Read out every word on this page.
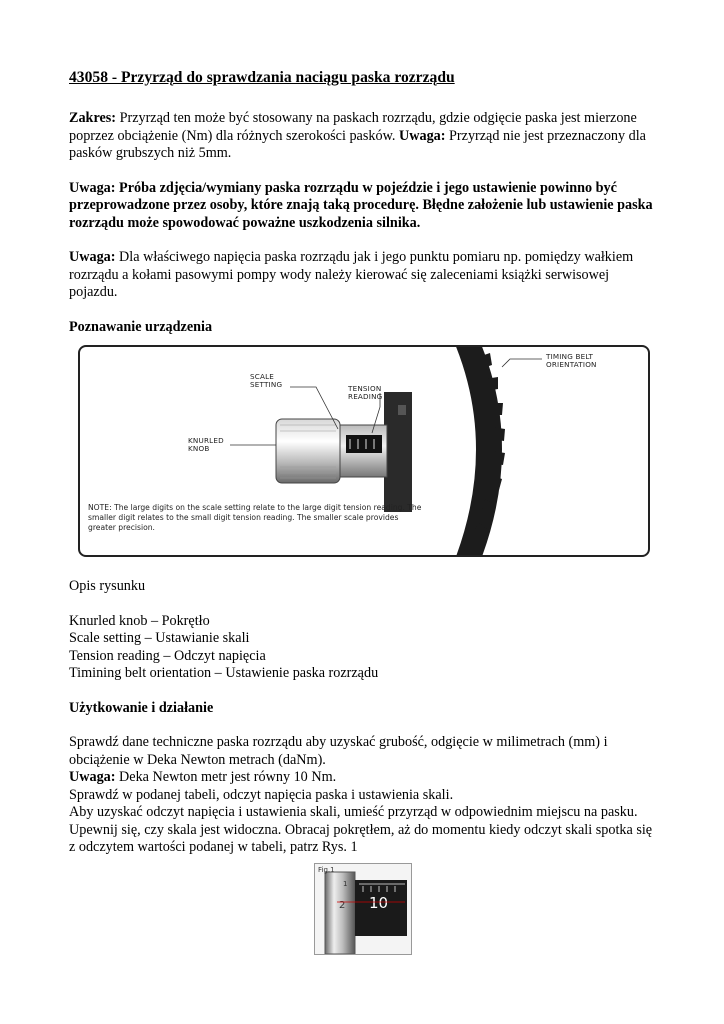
43058 - Przyrząd do sprawdzania naciągu paska rozrządu

Zakres: Przyrząd ten może być stosowany na paskach rozrządu, gdzie odgięcie paska jest mierzone poprzez obciążenie (Nm) dla różnych szerokości pasków. Uwaga: Przyrząd nie jest przeznaczony dla pasków grubszych niż 5mm.

Uwaga: Próba zdjęcia/wymiany paska rozrządu w pojeździe i jego ustawienie powinno być przeprowadzone przez osoby, które znają taką procedurę. Błędne założenie lub ustawienie paska rozrządu może spowodować poważne uszkodzenia silnika.

Uwaga: Dla właściwego napięcia paska rozrządu jak i jego punktu pomiaru np. pomiędzy wałkiem rozrządu a kołami pasowymi pompy wody należy kierować się zaleceniami książki serwisowej pojazdu.

Poznawanie urządzenia

SCALE
SETTING	TENSION
READING
KNURLED
KNOB
TIMING BELT
ORIENTATION
NOTE: The large digits on the scale setting relate to the large digit tension reading. The smaller digit relates to the small digit tension reading. The smaller scale provides greater precision.

Opis rysunku

Knurled knob – Pokrętło

Scale setting – Ustawianie skali

Tension reading – Odczyt napięcia

Timining belt orientation – Ustawienie paska rozrządu

Użytkowanie i działanie

Sprawdź dane techniczne paska rozrządu aby uzyskać grubość, odgięcie w milimetrach (mm) i obciążenie w Deka Newton metrach (daNm).

Uwaga: Deka Newton metr jest równy 10 Nm.

Sprawdź w podanej tabeli, odczyt napięcia paska i ustawienia skali.

Aby uzyskać odczyt napięcia i ustawienia skali, umieść przyrząd w odpowiednim miejscu na pasku. Upewnij się, czy skala jest widoczna. Obracaj pokrętłem, aż do momentu kiedy odczyt skali spotka się z odczytem wartości podanej w tabeli, patrz Rys. 1

Fig.1
1
2 10
